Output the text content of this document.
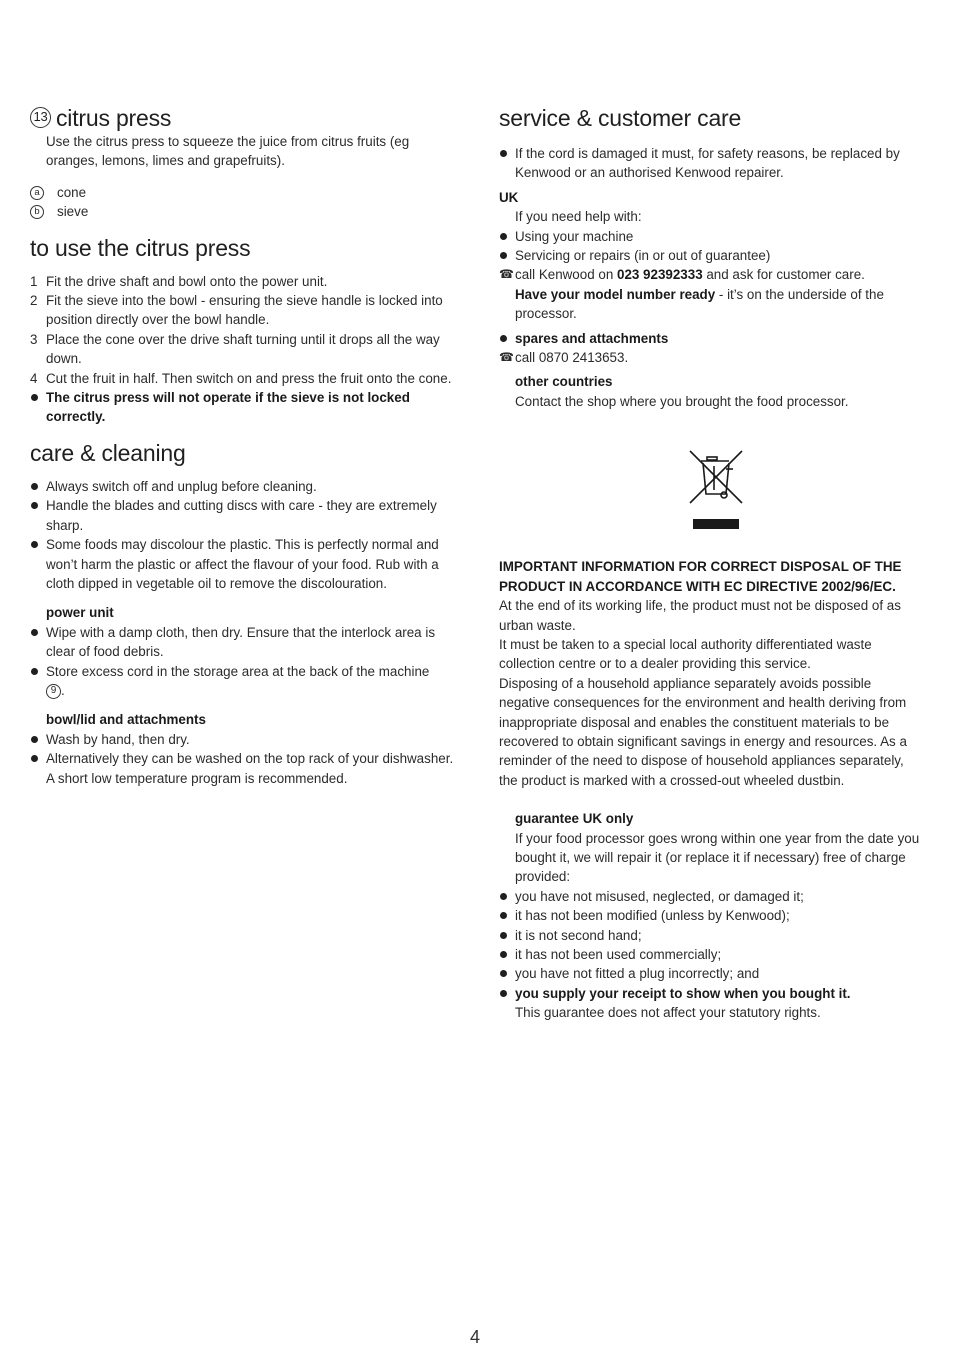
13 citrus press

Use the citrus press to squeeze the juice from citrus fruits (eg oranges, lemons, limes and grapefruits).

a	cone
b	sieve
to use the citrus press
1 Fit the drive shaft and bowl onto the power unit.
2 Fit the sieve into the bowl - ensuring the sieve handle is locked into position directly over the bowl handle.
3 Place the cone over the drive shaft turning until it drops all the way down.
4 Cut the fruit in half. Then switch on and press the fruit onto the cone.
The citrus press will not operate if the sieve is not locked correctly.
care & cleaning
Always switch off and unplug before cleaning.
Handle the blades and cutting discs with care - they are extremely sharp.
Some foods may discolour the plastic. This is perfectly normal and won’t harm the plastic or affect the flavour of your food. Rub with a cloth dipped in vegetable oil to remove the discolouration.
power unit
Wipe with a damp cloth, then dry. Ensure that the interlock area is clear of food debris.
Store excess cord in the storage area at the back of the machine
9 .
bowl/lid and attachments
Wash by hand, then dry.
Alternatively they can be washed on the top rack of your dishwasher. A short low temperature program is recommended.
service & customer care
If the cord is damaged it must, for safety reasons, be replaced by Kenwood or an authorised Kenwood repairer.
UK
If you need help with:
Using your machine
Servicing or repairs (in or out of guarantee)
☎ call Kenwood on 023 92392333 and ask for customer care.
Have your model number ready - it’s on the underside of the processor.
spares and attachments
☎ call 0870 2413653.
other countries
Contact the shop where you brought the food processor.
IMPORTANT INFORMATION FOR CORRECT DISPOSAL OF THE PRODUCT IN ACCORDANCE WITH EC DIRECTIVE 2002/96/EC.
At the end of its working life, the product must not be disposed of as urban waste.
It must be taken to a special local authority differentiated waste collection centre or to a dealer providing this service.
Disposing of a household appliance separately avoids possible negative consequences for the environment and health deriving from inappropriate disposal and enables the constituent materials to be recovered to obtain significant savings in energy and resources. As a reminder of the need to dispose of household appliances separately, the product is marked with a crossed-out wheeled dustbin.
guarantee UK only
If your food processor goes wrong within one year from the date you bought it, we will repair it (or replace it if necessary) free of charge provided:
you have not misused, neglected, or damaged it;
it has not been modified (unless by Kenwood);
it is not second hand;
it has not been used commercially;
you have not fitted a plug incorrectly; and
you supply your receipt to show when you bought it.
This guarantee does not affect your statutory rights.
4
